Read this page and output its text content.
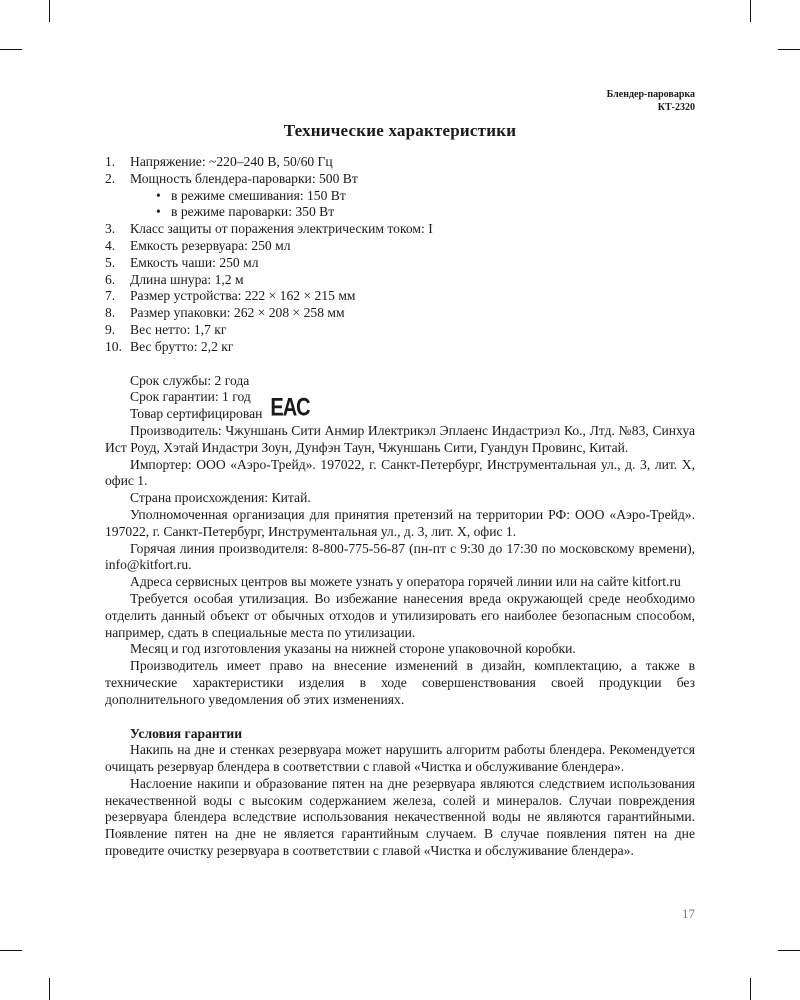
Блендер-пароварка
КТ-2320
Технические характеристики
1. Напряжение: ~220–240 В, 50/60 Гц
2. Мощность блендера-пароварки: 500 Вт
• в режиме смешивания: 150 Вт
• в режиме пароварки: 350 Вт
3. Класс защиты от поражения электрическим током: I
4. Емкость резервуара: 250 мл
5. Емкость чаши: 250 мл
6. Длина шнура: 1,2 м
7. Размер устройства: 222 × 162 × 215 мм
8. Размер упаковки: 262 × 208 × 258 мм
9. Вес нетто: 1,7 кг
10. Вес брутто: 2,2 кг
Срок службы: 2 года
Срок гарантии: 1 год
Товар сертифицирован EAC

Производитель: Чжуншань Сити Анмир Илектрикэл Эплаенс Индастриэл Ко., Лтд. №83, Синхуа Ист Роуд, Хэтай Индастри Зоун, Дунфэн Таун, Чжуншань Сити, Гуандун Провинс, Китай.

Импортер: ООО «Аэро-Трейд». 197022, г. Санкт-Петербург, Инструментальная ул., д. 3, лит. Х, офис 1.

Страна происхождения: Китай.

Уполномоченная организация для принятия претензий на территории РФ: ООО «Аэро-Трейд». 197022, г. Санкт-Петербург, Инструментальная ул., д. 3, лит. Х, офис 1.

Горячая линия производителя: 8-800-775-56-87 (пн-пт с 9:30 до 17:30 по московскому времени), info@kitfort.ru.

Адреса сервисных центров вы можете узнать у оператора горячей линии или на сайте kitfort.ru

Требуется особая утилизация. Во избежание нанесения вреда окружающей среде необходимо отделить данный объект от обычных отходов и утилизировать его наиболее безопасным способом, например, сдать в специальные места по утилизации.

Месяц и год изготовления указаны на нижней стороне упаковочной коробки.

Производитель имеет право на внесение изменений в дизайн, комплектацию, а также в технические характеристики изделия в ходе совершенствования своей продукции без дополнительного уведомления об этих изменениях.

Условия гарантии

Накипь на дне и стенках резервуара может нарушить алгоритм работы блендера. Рекомендуется очищать резервуар блендера в соответствии с главой «Чистка и обслуживание блендера».

Наслоение накипи и образование пятен на дне резервуара являются следствием использования некачественной воды с высоким содержанием железа, солей и минералов. Случаи повреждения резервуара блендера вследствие использования некачественной воды не являются гарантийными. Появление пятен на дне не является гарантийным случаем. В случае появления пятен на дне проведите очистку резервуара в соответствии с главой «Чистка и обслуживание блендера».

17
